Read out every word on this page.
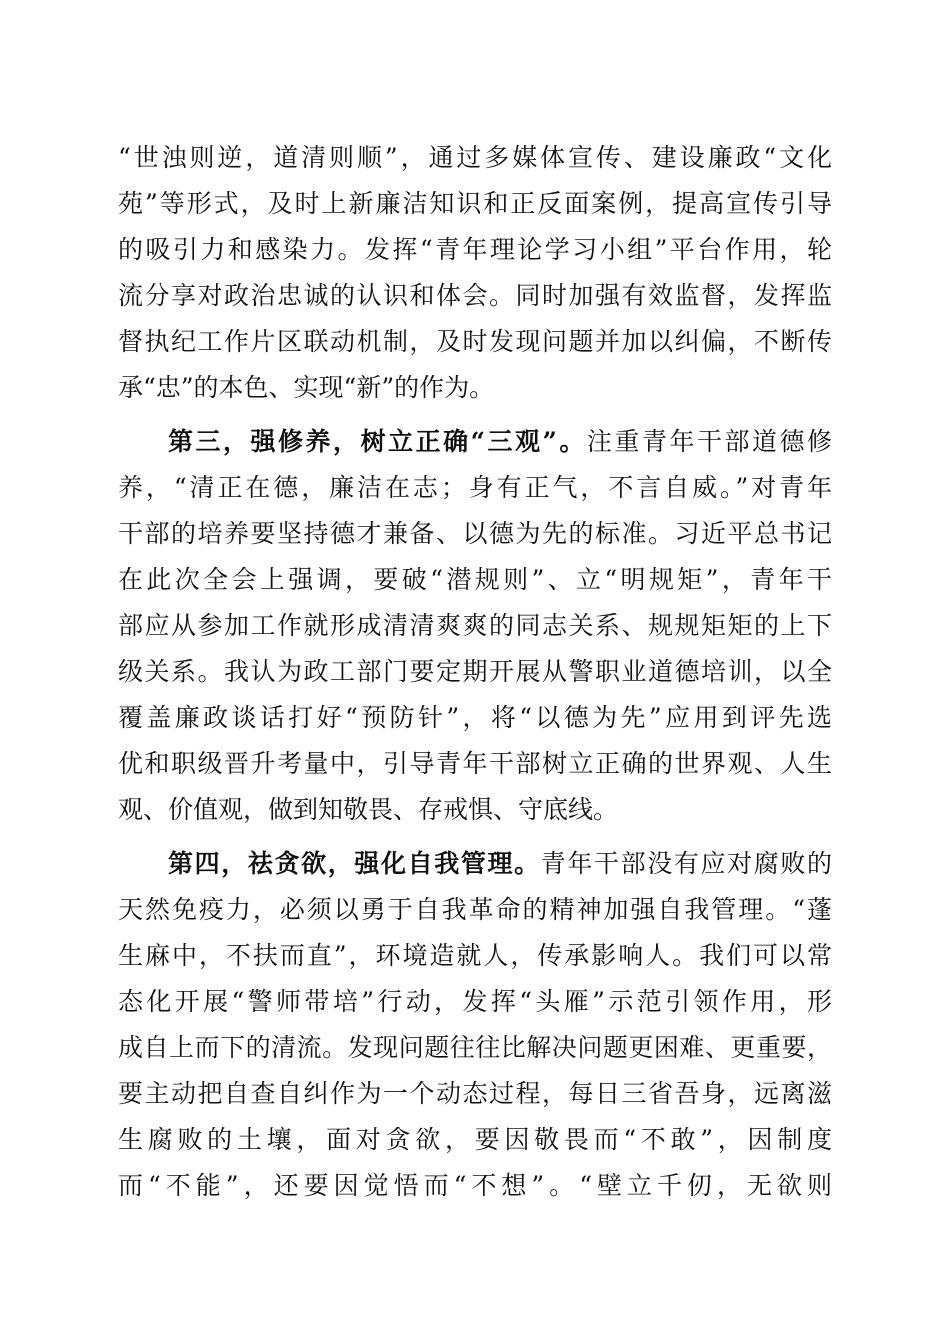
“世浊则逆，道清则顺”，通过多媒体宣传、建设廉政“文化
苑”等形式，及时上新廉洁知识和正反面案例，提高宣传引导
的吸引力和感染力。发挥“青年理论学习小组”平台作用，轮
流分享对政治忠诚的认识和体会。同时加强有效监督，发挥监
督执纪工作片区联动机制，及时发现问题并加以纠偏，不断传
承“忠”的本色、实现“新”的作为。
第三，强修养，树立正确“三观”。注重青年干部道德修
养，“清正在德，廉洁在志；身有正气，不言自威。”对青年
干部的培养要坚持德才兼备、以德为先的标准。习近平总书记
在此次全会上强调，要破“潜规则”、立“明规矩”，青年干
部应从参加工作就形成清清爽爽的同志关系、规规矩矩的上下
级关系。我认为政工部门要定期开展从警职业道德培训，以全
覆盖廉政谈话打好“预防针”，将“以德为先”应用到评先选
优和职级晋升考量中，引导青年干部树立正确的世界观、人生
观、价值观，做到知敬畏、存戒惧、守底线。
第四，祛贪欲，强化自我管理。青年干部没有应对腐败的
天然免疫力，必须以勇于自我革命的精神加强自我管理。“蓬
生麻中，不扶而直”，环境造就人，传承影响人。我们可以常
态化开展“警师带培”行动，发挥“头雁”示范引领作用，形
成自上而下的清流。发现问题往往比解决问题更困难、更重要，
要主动把自查自纠作为一个动态过程，每日三省吾身，远离滋
生腐败的土壤，面对贪欲，要因敬畏而“不敢”，因制度
而“不能”，还要因觉悟而“不想”。“壁立千仞，无欲则
